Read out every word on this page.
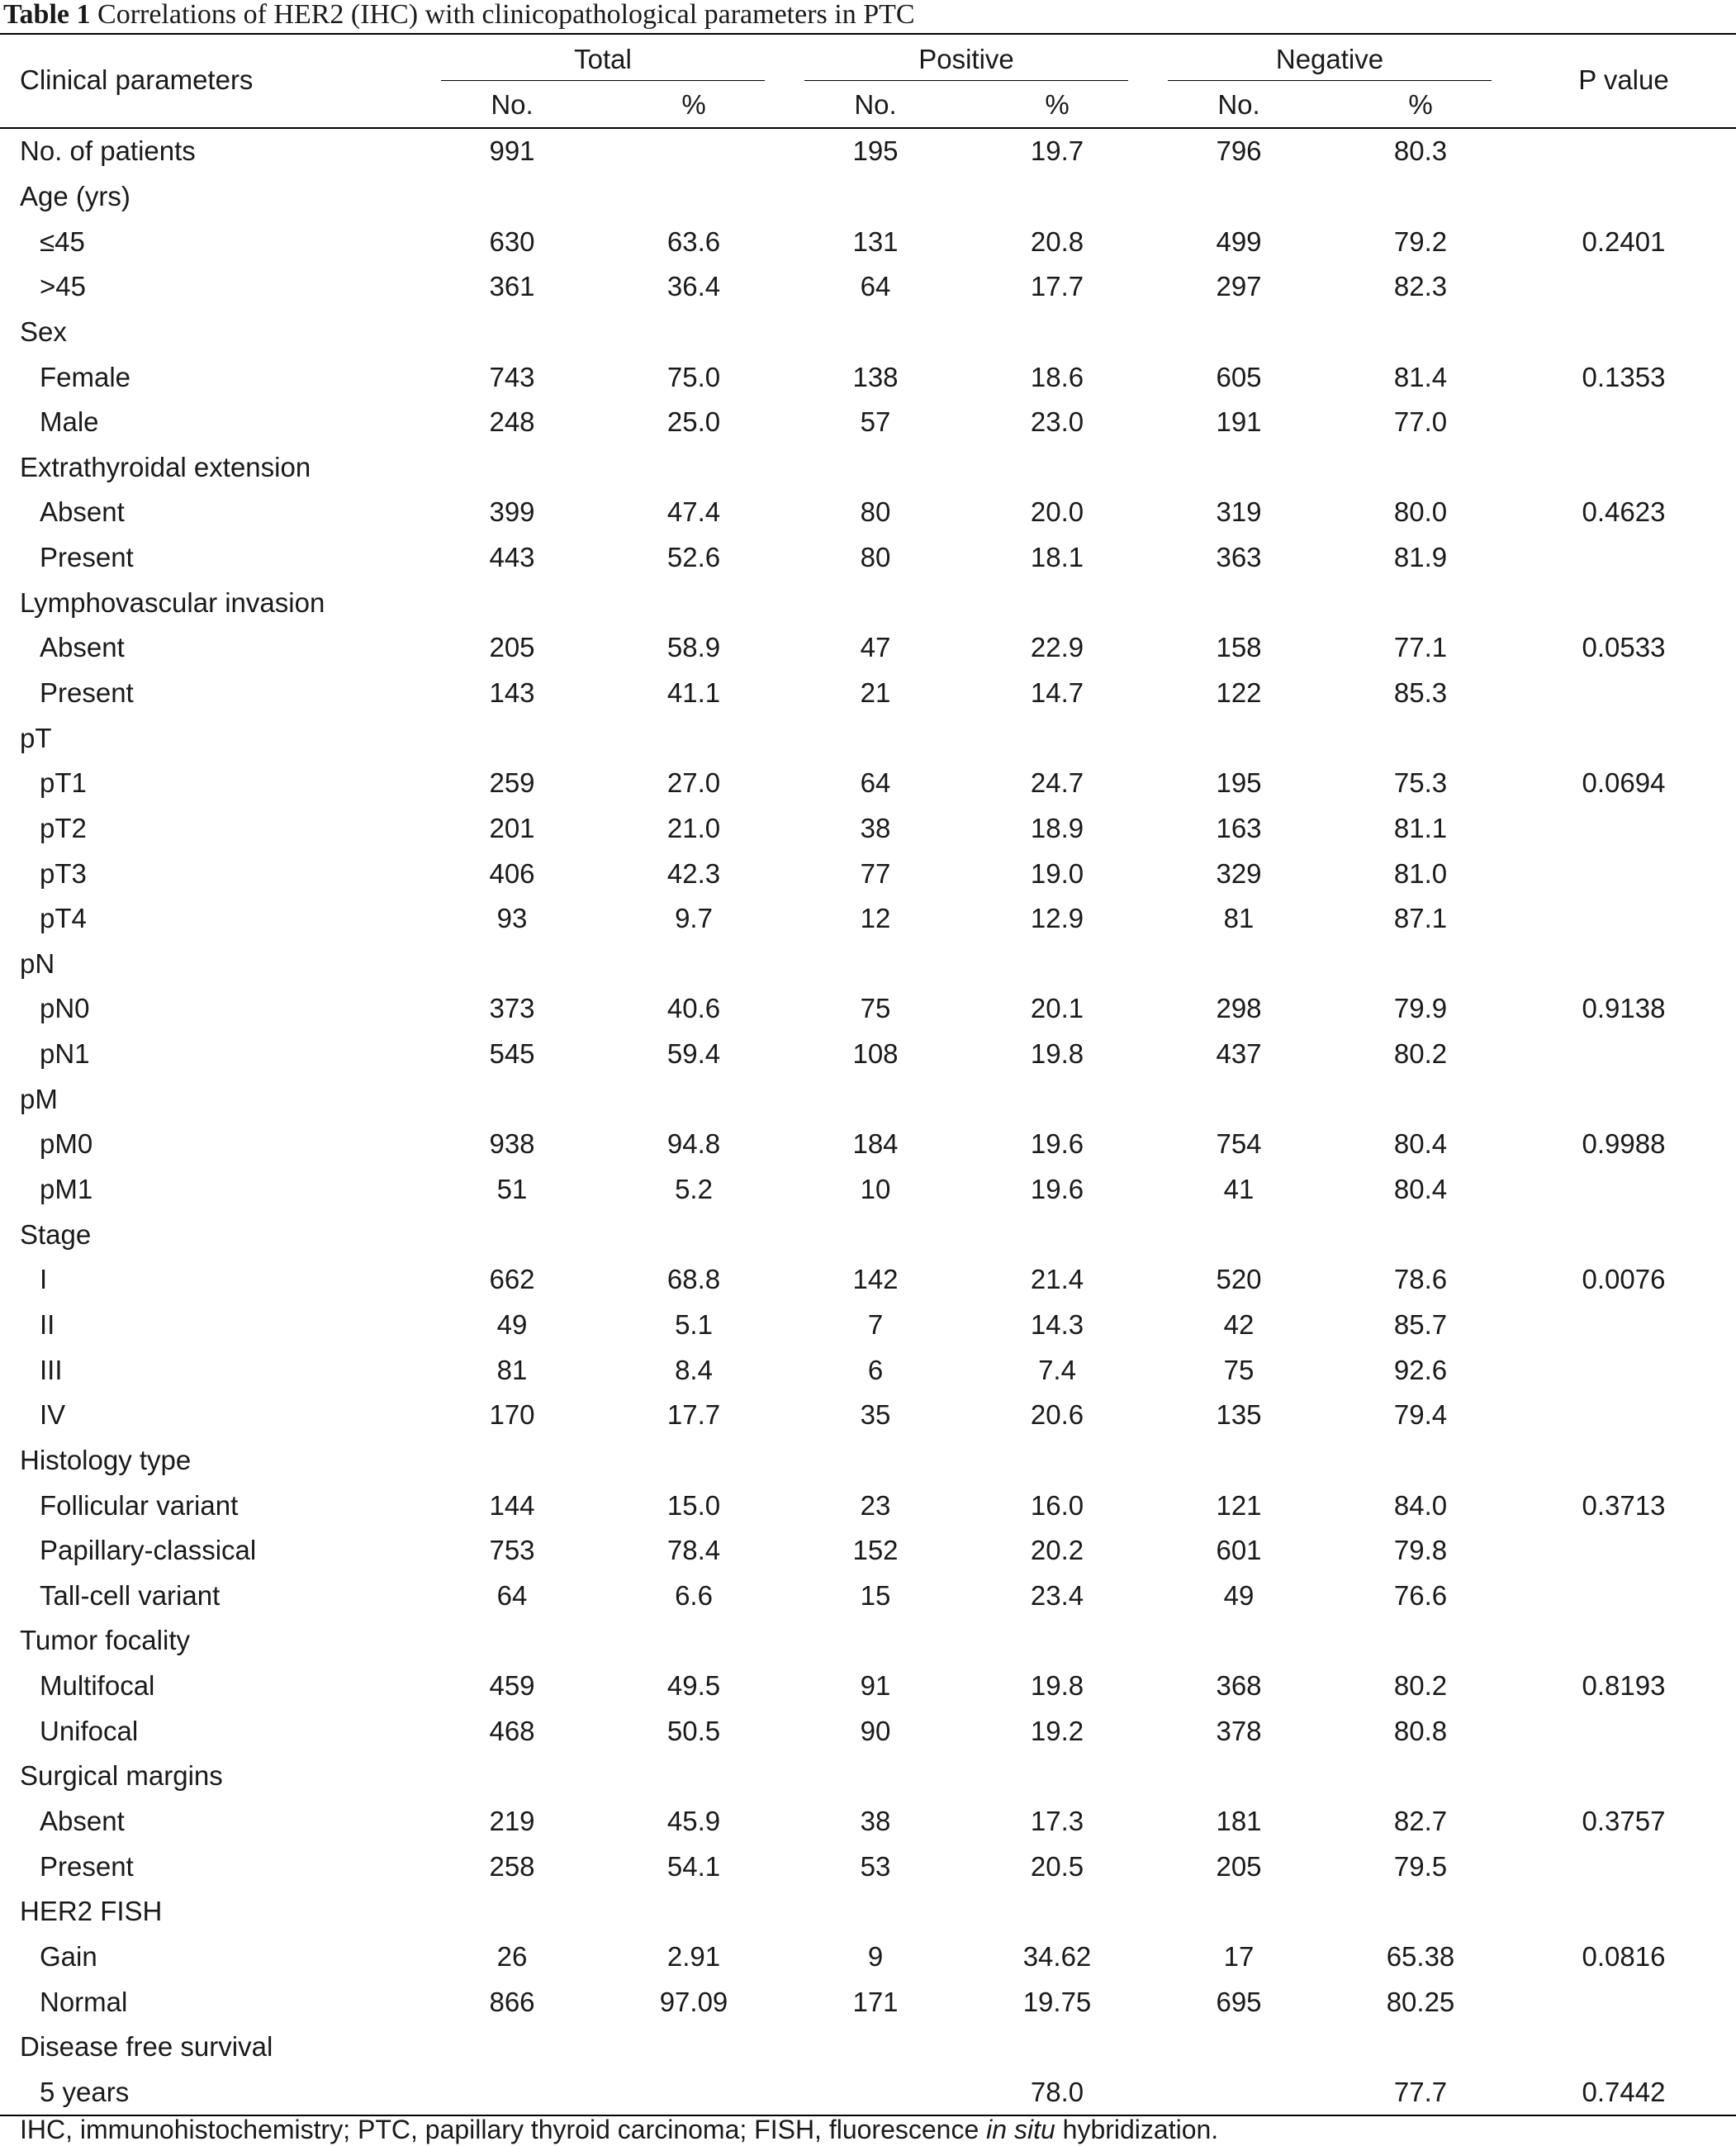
Table 1 Correlations of HER2 (IHC) with clinicopathological parameters in PTC
Clinical parameters	Total		Positive		Negative		P value
	No.	%	No.	%	No.	%	
No. of patients	991		195	19.7	796	80.3	
Age (yrs)							
≤45	630	63.6	131	20.8	499	79.2	0.2401
>45	361	36.4	64	17.7	297	82.3	
Sex							
Female	743	75.0	138	18.6	605	81.4	0.1353
Male	248	25.0	57	23.0	191	77.0	
Extrathyroidal extension							
Absent	399	47.4	80	20.0	319	80.0	0.4623
Present	443	52.6	80	18.1	363	81.9	
Lymphovascular invasion							
Absent	205	58.9	47	22.9	158	77.1	0.0533
Present	143	41.1	21	14.7	122	85.3	
pT							
pT1	259	27.0	64	24.7	195	75.3	0.0694
pT2	201	21.0	38	18.9	163	81.1	
pT3	406	42.3	77	19.0	329	81.0	
pT4	93	9.7	12	12.9	81	87.1	
pN							
pN0	373	40.6	75	20.1	298	79.9	0.9138
pN1	545	59.4	108	19.8	437	80.2	
pM							
pM0	938	94.8	184	19.6	754	80.4	0.9988
pM1	51	5.2	10	19.6	41	80.4	
Stage							
I	662	68.8	142	21.4	520	78.6	0.0076
II	49	5.1	7	14.3	42	85.7	
III	81	8.4	6	7.4	75	92.6	
IV	170	17.7	35	20.6	135	79.4	
Histology type							
Follicular variant	144	15.0	23	16.0	121	84.0	0.3713
Papillary-classical	753	78.4	152	20.2	601	79.8	
Tall-cell variant	64	6.6	15	23.4	49	76.6	
Tumor focality							
Multifocal	459	49.5	91	19.8	368	80.2	0.8193
Unifocal	468	50.5	90	19.2	378	80.8	
Surgical margins							
Absent	219	45.9	38	17.3	181	82.7	0.3757
Present	258	54.1	53	20.5	205	79.5	
HER2 FISH							
Gain	26	2.91	9	34.62	17	65.38	0.0816
Normal	866	97.09	171	19.75	695	80.25	
Disease free survival							
5 years				78.0		77.7	0.7442
IHC, immunohistochemistry; PTC, papillary thyroid carcinoma; FISH, fluorescence in situ hybridization.
